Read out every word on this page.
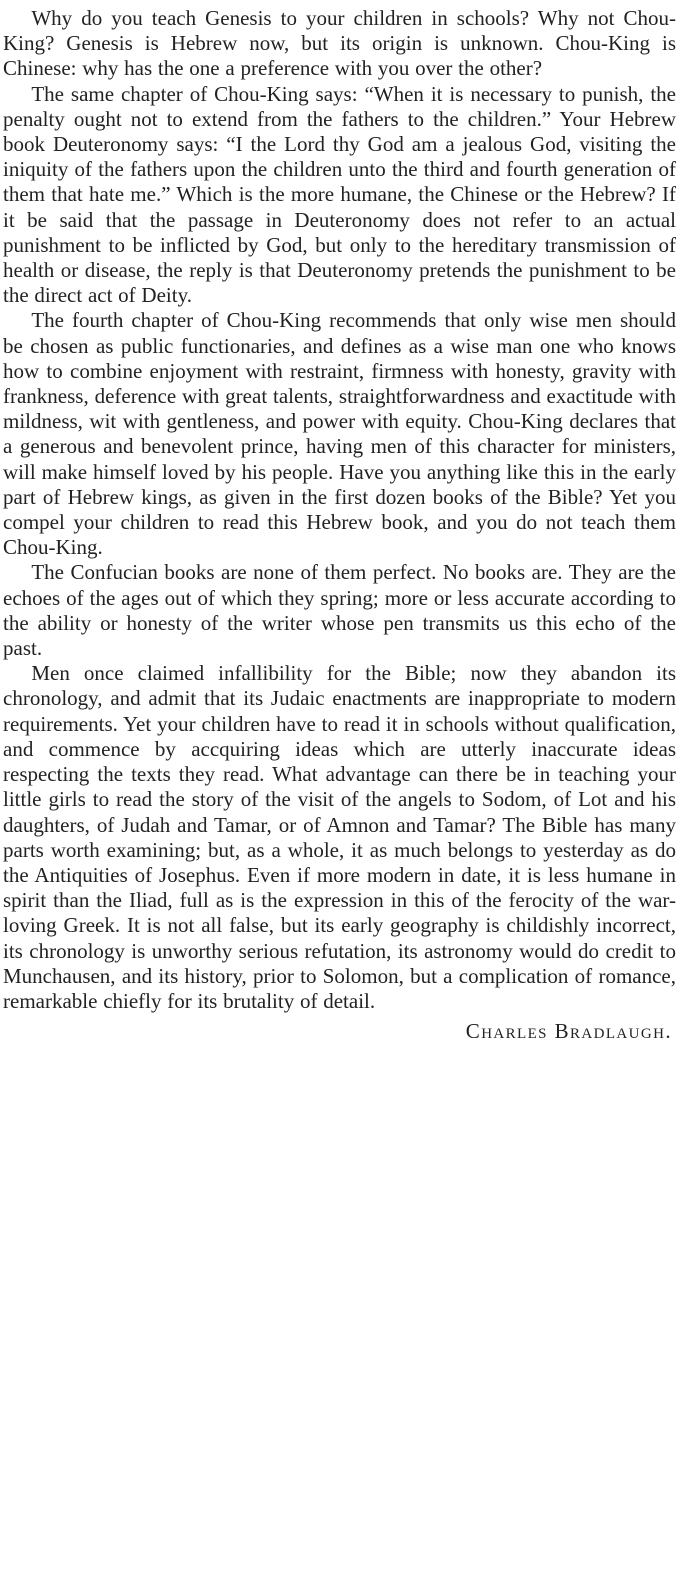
Why do you teach Genesis to your children in schools? Why not Chou-King? Genesis is Hebrew now, but its origin is unknown. Chou-King is Chinese: why has the one a preference with you over the other?

The same chapter of Chou-King says: “When it is necessary to punish, the penalty ought not to extend from the fathers to the children.” Your Hebrew book Deuteronomy says: “I the Lord thy God am a jealous God, visiting the iniquity of the fathers upon the children unto the third and fourth generation of them that hate me.” Which is the more humane, the Chinese or the Hebrew? If it be said that the passage in Deuteronomy does not refer to an actual punishment to be inflicted by God, but only to the hereditary transmission of health or disease, the reply is that Deuteronomy pretends the punishment to be the direct act of Deity.

The fourth chapter of Chou-King recommends that only wise men should be chosen as public functionaries, and defines as a wise man one who knows how to combine enjoyment with restraint, firmness with honesty, gravity with frankness, deference with great talents, straightforwardness and exactitude with mildness, wit with gentleness, and power with equity. Chou-King declares that a generous and benevolent prince, having men of this character for ministers, will make himself loved by his people. Have you anything like this in the early part of Hebrew kings, as given in the first dozen books of the Bible? Yet you compel your children to read this Hebrew book, and you do not teach them Chou-King.

The Confucian books are none of them perfect. No books are. They are the echoes of the ages out of which they spring; more or less accurate according to the ability or honesty of the writer whose pen transmits us this echo of the past.

Men once claimed infallibility for the Bible; now they abandon its chronology, and admit that its Judaic enactments are inappropriate to modern requirements. Yet your children have to read it in schools without qualification, and commence by accquiring ideas which are utterly inaccurate ideas respecting the texts they read. What advantage can there be in teaching your little girls to read the story of the visit of the angels to Sodom, of Lot and his daughters, of Judah and Tamar, or of Amnon and Tamar? The Bible has many parts worth examining; but, as a whole, it as much belongs to yesterday as do the Antiquities of Josephus. Even if more modern in date, it is less humane in spirit than the Iliad, full as is the expression in this of the ferocity of the war-loving Greek. It is not all false, but its early geography is childishly incorrect, its chronology is unworthy serious refutation, its astronomy would do credit to Munchausen, and its history, prior to Solomon, but a complication of romance, remarkable chiefly for its brutality of detail.

Charles Bradlaugh.
